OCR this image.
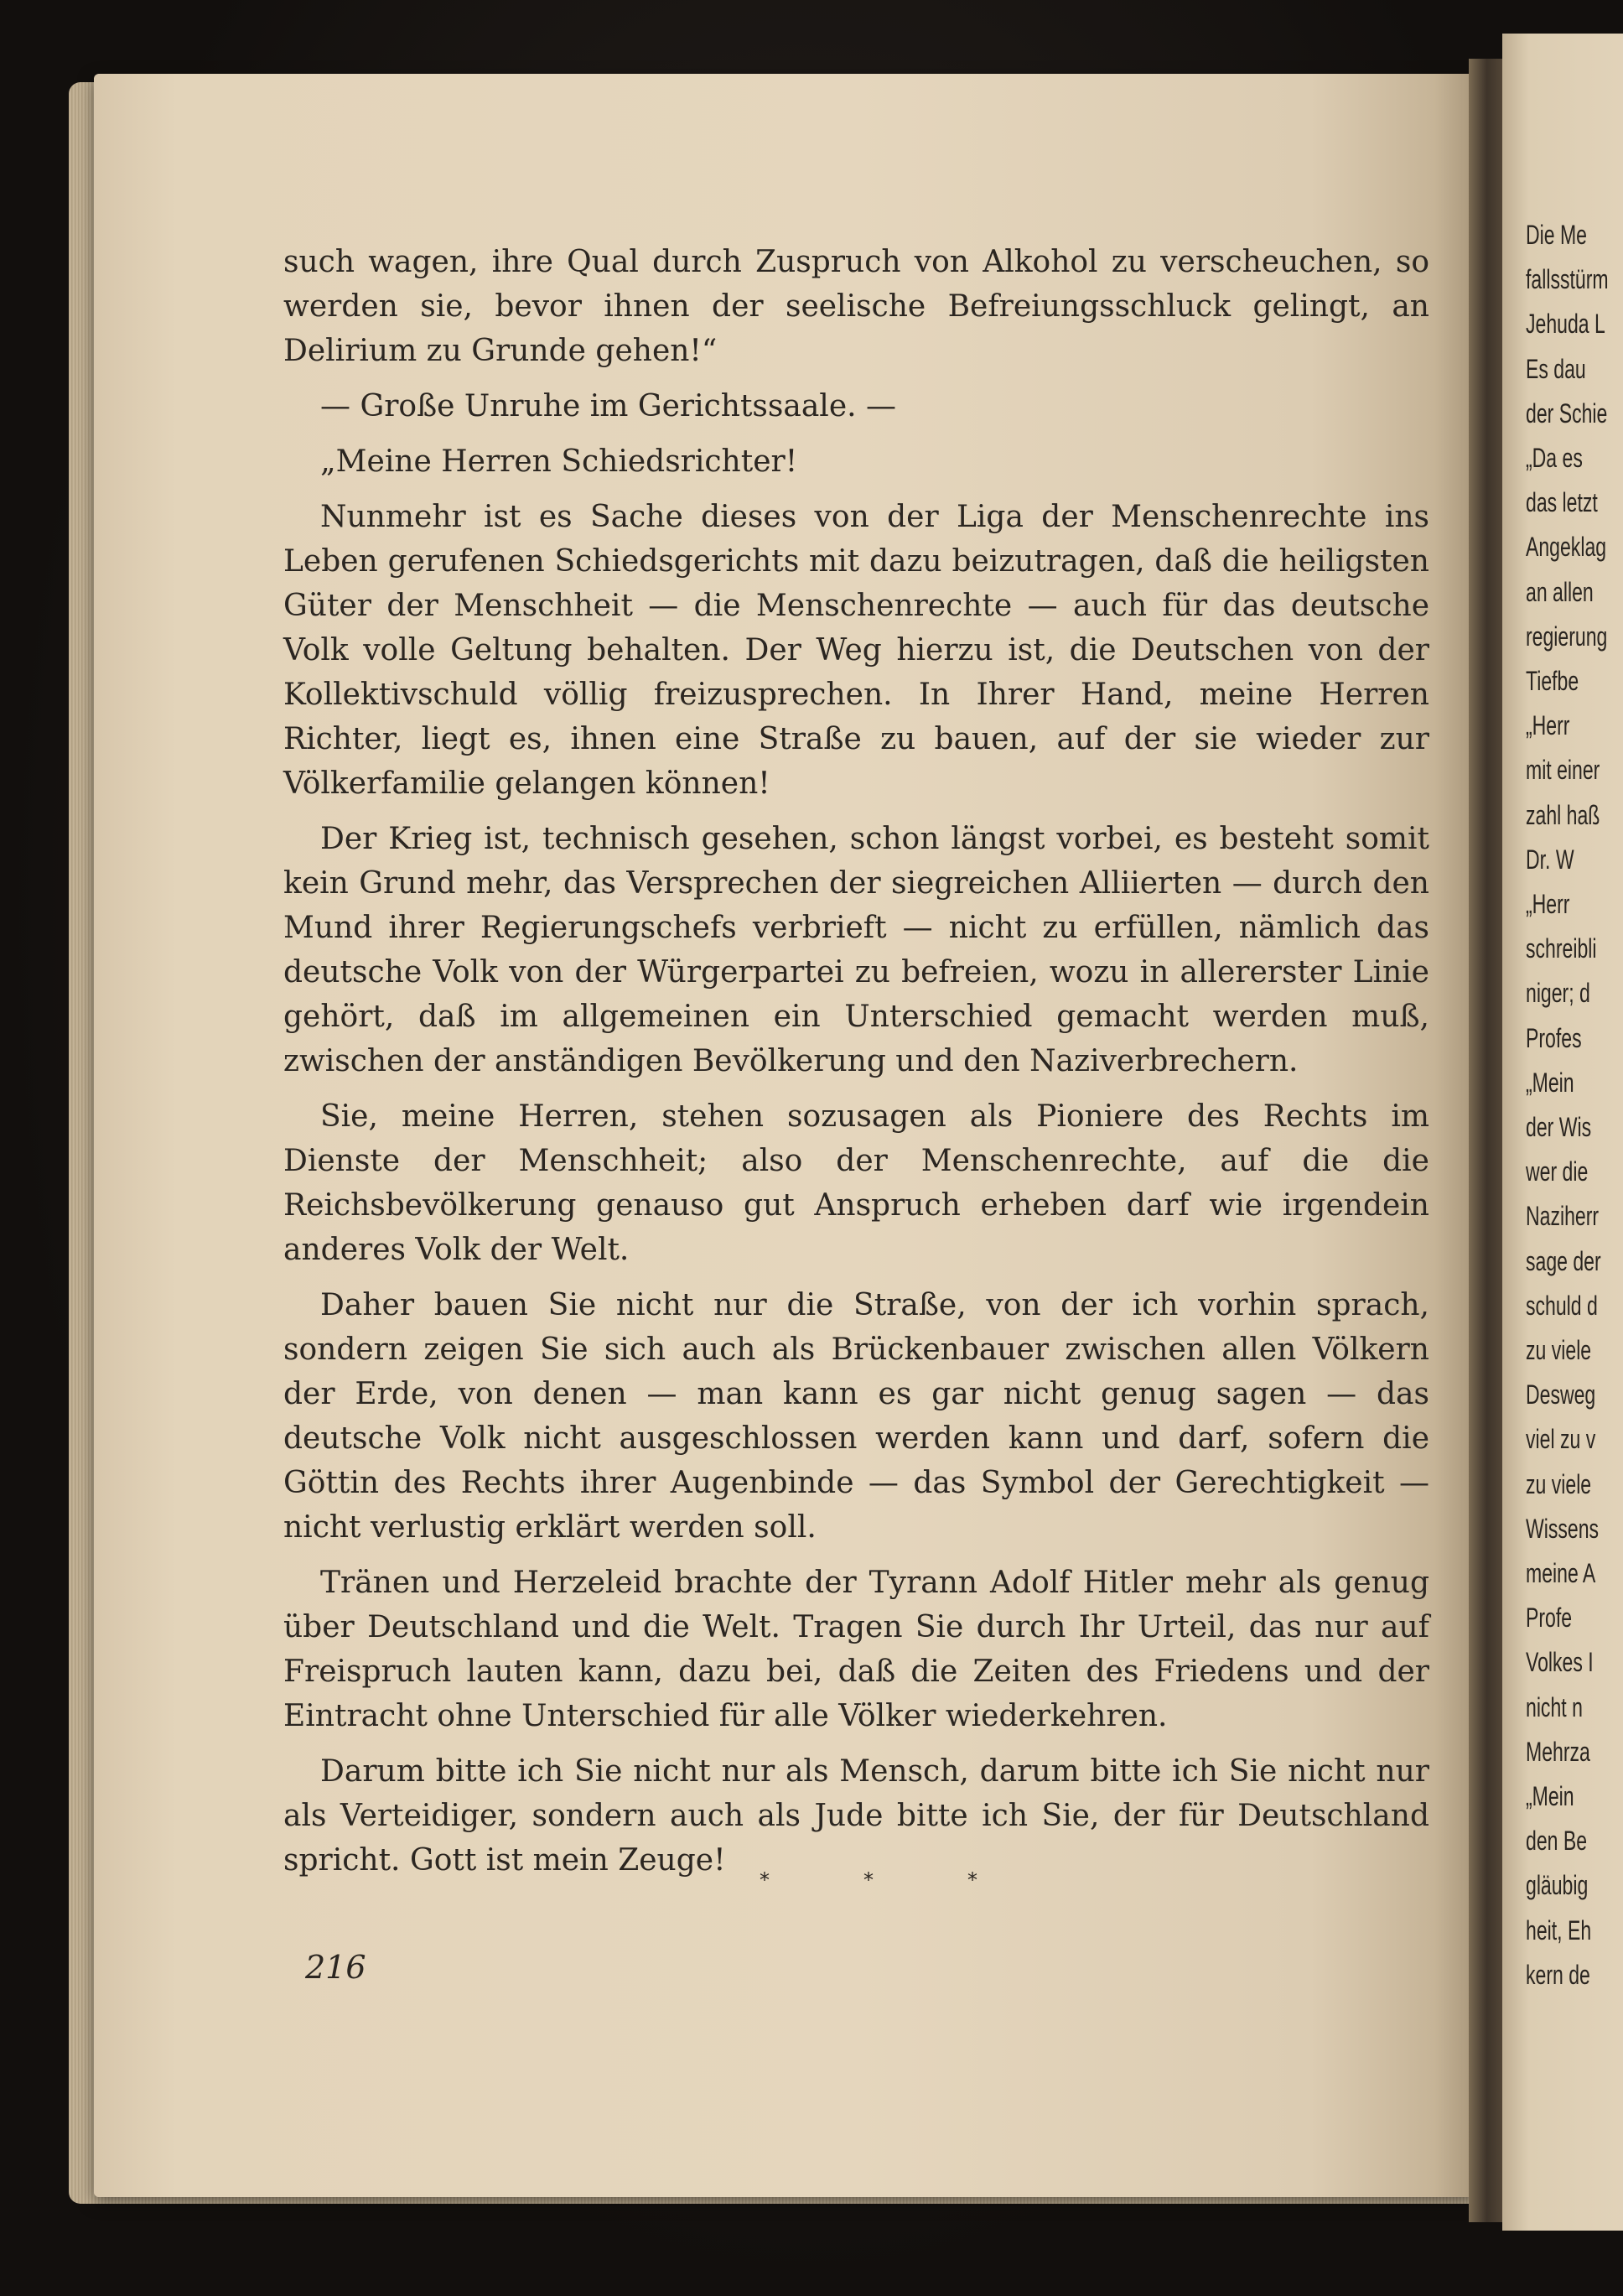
Die Me
fallsstürm
Jehuda L
Es dau
der Schie
„Da es
das letzt
Angeklag
an allen
regierung
Tiefbe
„Herr
mit einer
zahl haß
Dr. W
„Herr
schreibli
niger; d
Profes
„Mein
der Wis
wer die
Naziherr
sage der
schuld d
zu viele
Desweg
viel zu v
zu viele
Wissens
meine A
Profe
Volkes I
nicht n
Mehrza
„Mein
den Be
gläubig
heit, Eh
kern de

such wagen, ihre Qual durch Zuspruch von Alkohol zu verscheuchen, so werden sie, bevor ihnen der seelische Befreiungsschluck gelingt, an Delirium zu Grunde gehen!“

— Große Unruhe im Gerichtssaale. —

„Meine Herren Schiedsrichter!

Nunmehr ist es Sache dieses von der Liga der Menschenrechte ins Leben gerufenen Schiedsgerichts mit dazu beizutragen, daß die heiligsten Güter der Menschheit — die Menschenrechte — auch für das deutsche Volk volle Geltung behalten. Der Weg hierzu ist, die Deutschen von der Kollektivschuld völlig freizusprechen. In Ihrer Hand, meine Herren Richter, liegt es, ihnen eine Straße zu bauen, auf der sie wieder zur Völkerfamilie gelangen können!

Der Krieg ist, technisch gesehen, schon längst vorbei, es besteht somit kein Grund mehr, das Versprechen der siegreichen Alliierten — durch den Mund ihrer Regierungschefs verbrieft — nicht zu erfüllen, nämlich das deutsche Volk von der Würgerpartei zu befreien, wozu in allererster Linie gehört, daß im allgemeinen ein Unterschied gemacht werden muß, zwischen der anständigen Bevölkerung und den Naziverbrechern.

Sie, meine Herren, stehen sozusagen als Pioniere des Rechts im Dienste der Menschheit; also der Menschenrechte, auf die die Reichsbevölkerung genauso gut Anspruch erheben darf wie irgendein anderes Volk der Welt.

Daher bauen Sie nicht nur die Straße, von der ich vorhin sprach, sondern zeigen Sie sich auch als Brückenbauer zwischen allen Völkern der Erde, von denen — man kann es gar nicht genug sagen — das deutsche Volk nicht ausgeschlossen werden kann und darf, sofern die Göttin des Rechts ihrer Augenbinde — das Symbol der Gerechtigkeit — nicht verlustig erklärt werden soll.

Tränen und Herzeleid brachte der Tyrann Adolf Hitler mehr als genug über Deutschland und die Welt. Tragen Sie durch Ihr Urteil, das nur auf Freispruch lauten kann, dazu bei, daß die Zeiten des Friedens und der Eintracht ohne Unterschied für alle Völker wiederkehren.

Darum bitte ich Sie nicht nur als Mensch, darum bitte ich Sie nicht nur als Verteidiger, sondern auch als Jude bitte ich Sie, der für Deutschland spricht. Gott ist mein Zeuge!

*	*	*
216
